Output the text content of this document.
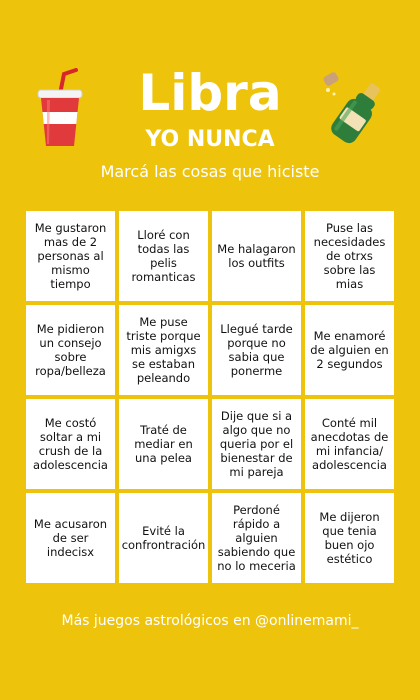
Libra
YO NUNCA
Marcá las cosas que hiciste
Me gustaron mas de 2 personas al mismo tiempo
Lloré con todas las pelis romanticas
Me halagaron los outfits
Puse las necesidades de otrxs sobre las mias
Me pidieron un consejo sobre ropa/belleza
Me puse triste porque mis amigxs se estaban peleando
Llegué tarde porque no sabia que ponerme
Me enamoré de alguien en 2 segundos
Me costó soltar a mi crush de la adolescencia
Traté de mediar en una pelea
Dije que si a algo que no queria por el bienestar de mi pareja
Conté mil anecdotas de mi infancia/ adolescencia
Me acusaron de ser indecisx
Evité la confrontración
Perdoné rápido a alguien sabiendo que no lo meceria
Me dijeron que tenia buen ojo estético
Más juegos astrológicos en @onlinemami_
